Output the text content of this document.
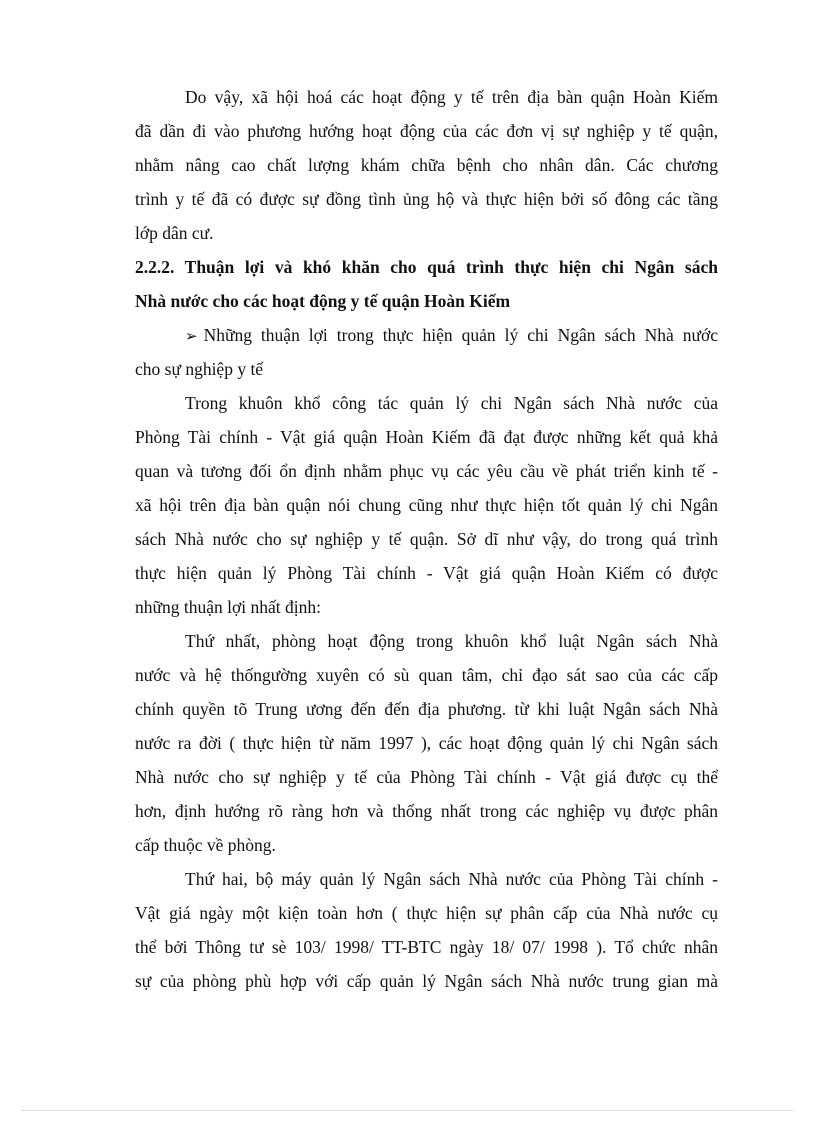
Do vậy, xã hội hoá các hoạt động y tế trên địa bàn quận Hoàn Kiếm
đã dần đi vào phương hướng hoạt động của các đơn vị sự nghiệp y tế quận,
nhằm nâng cao chất lượng khám chữa bệnh cho nhân dân. Các chương
trình y tế đã có được sự đồng tình ủng hộ và thực hiện bởi số đông các tầng
lớp dân cư.
2.2.2. Thuận lợi và khó khăn cho quá trình thực hiện chi Ngân sách
Nhà nước cho các hoạt động y tế quận Hoàn Kiếm
➢ Những thuận lợi trong thực hiện quản lý chi Ngân sách Nhà nước
cho sự nghiệp y tế
Trong khuôn khổ công tác quản lý chi Ngân sách Nhà nước của
Phòng Tài chính - Vật giá quận Hoàn Kiếm đã đạt được những kết quả khả
quan và tương đối ổn định nhằm phục vụ các yêu cầu về phát triển kinh tế -
xã hội trên địa bàn quận nói chung cũng như thực hiện tốt quản lý chi Ngân
sách Nhà nước cho sự nghiệp y tế quận. Sở dĩ như vậy, do trong quá trình
thực hiện quản lý Phòng Tài chính - Vật giá quận Hoàn Kiếm có được
những thuận lợi nhất định:
Thứ nhất, phòng hoạt động trong khuôn khổ luật Ngân sách Nhà
nước và hệ thốngường xuyên có sù quan tâm, chỉ đạo sát sao của các cấp
chính quyền tõ Trung ương đến đến địa phương. từ khi luật Ngân sách Nhà
nước ra đời ( thực hiện từ năm 1997 ), các hoạt động quản lý chi Ngân sách
Nhà nước cho sự nghiệp y tế của Phòng Tài chính - Vật giá được cụ thể
hơn, định hướng rõ ràng hơn và thống nhất trong các nghiệp vụ được phân
cấp thuộc về phòng.
Thứ hai, bộ máy quản lý Ngân sách Nhà nước của Phòng Tài chính -
Vật giá ngày một kiện toàn hơn ( thực hiện sự phân cấp của Nhà nước cụ
thể bởi Thông tư sè 103/ 1998/ TT-BTC ngày 18/ 07/ 1998 ). Tổ chức nhân
sự của phòng phù hợp với cấp quản lý Ngân sách Nhà nước trung gian mà
